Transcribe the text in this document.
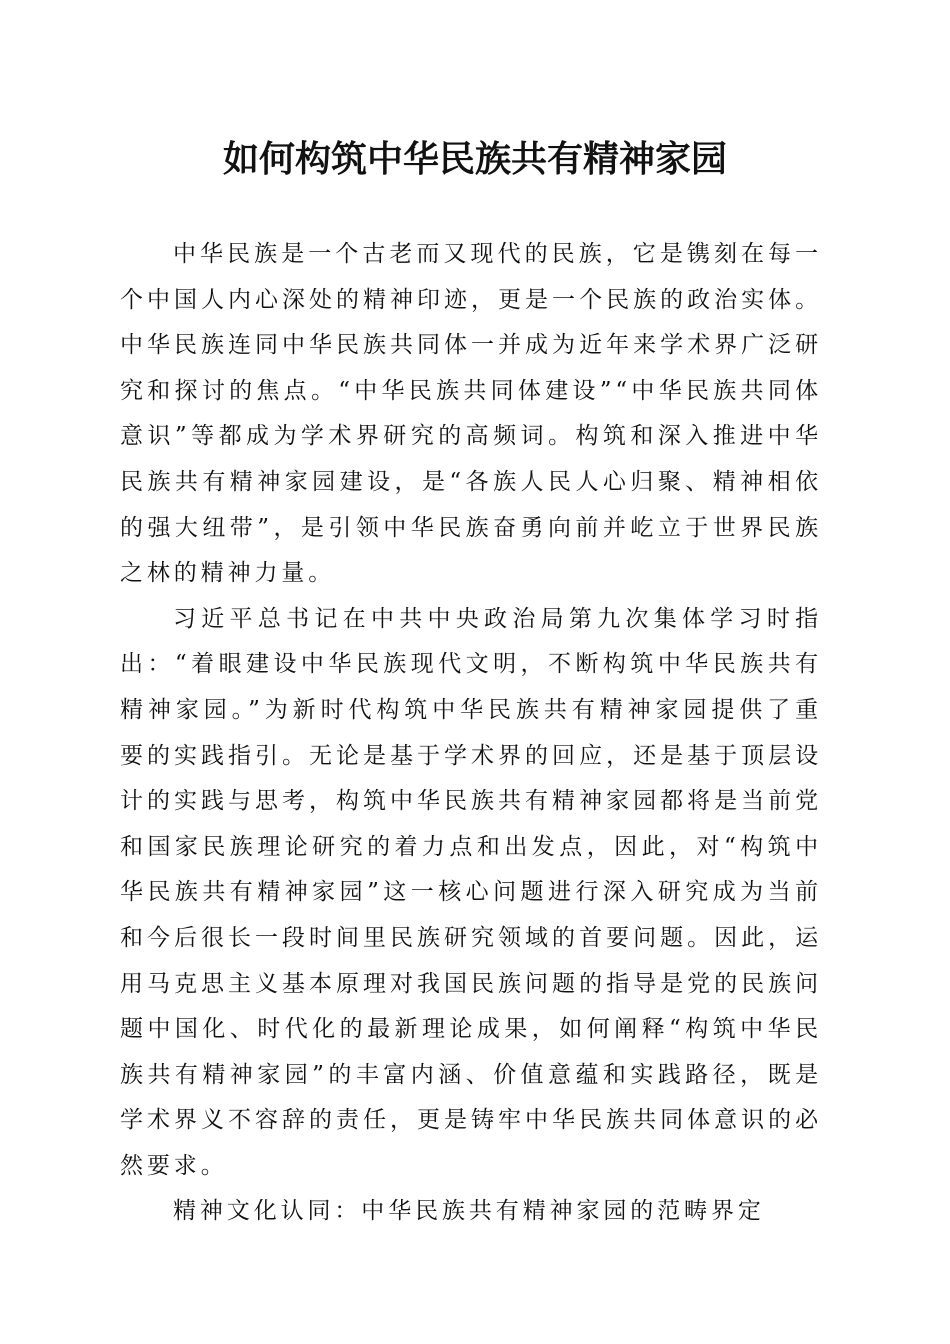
如何构筑中华民族共有精神家园

中华民族是一个古老而又现代的民族，它是镌刻在每一个中国人内心深处的精神印迹，更是一个民族的政治实体。中华民族连同中华民族共同体一并成为近年来学术界广泛研究和探讨的焦点。“中华民族共同体建设”“中华民族共同体意识”等都成为学术界研究的高频词。构筑和深入推进中华民族共有精神家园建设，是“各族人民人心归聚、精神相依的强大纽带”，是引领中华民族奋勇向前并屹立于世界民族之林的精神力量。

习近平总书记在中共中央政治局第九次集体学习时指出：“着眼建设中华民族现代文明，不断构筑中华民族共有精神家园。”为新时代构筑中华民族共有精神家园提供了重要的实践指引。无论是基于学术界的回应，还是基于顶层设计的实践与思考，构筑中华民族共有精神家园都将是当前党和国家民族理论研究的着力点和出发点，因此，对“构筑中华民族共有精神家园”这一核心问题进行深入研究成为当前和今后很长一段时间里民族研究领域的首要问题。因此，运用马克思主义基本原理对我国民族问题的指导是党的民族问题中国化、时代化的最新理论成果，如何阐释“构筑中华民族共有精神家园”的丰富内涵、价值意蕴和实践路径，既是学术界义不容辞的责任，更是铸牢中华民族共同体意识的必然要求。

精神文化认同：中华民族共有精神家园的范畴界定
